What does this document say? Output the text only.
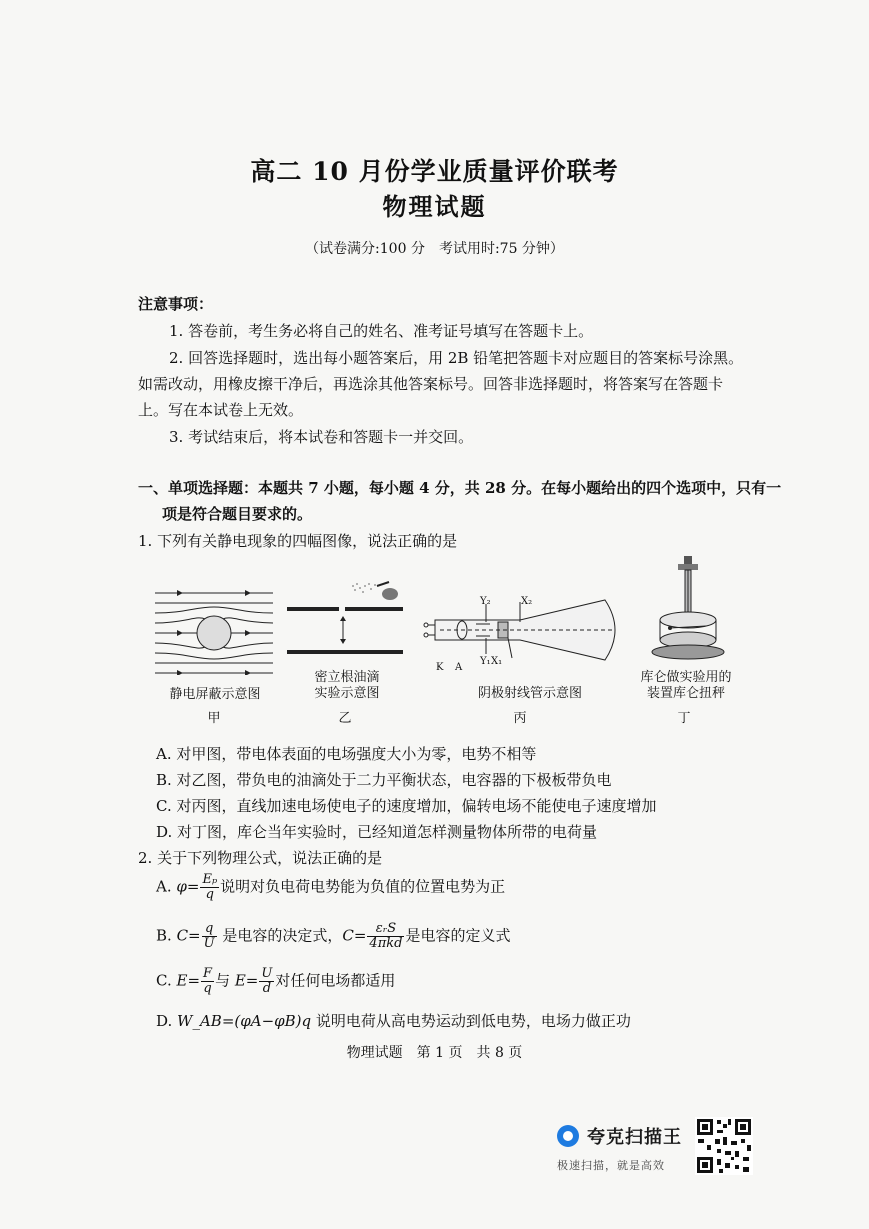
高二 10 月份学业质量评价联考
物理试题
（试卷满分:100 分　考试用时:75 分钟）
注意事项：
1. 答卷前，考生务必将自己的姓名、准考证号填写在答题卡上。
2. 回答选择题时，选出每小题答案后，用 2B 铅笔把答题卡对应题目的答案标号涂黑。
如需改动，用橡皮擦干净后，再选涂其他答案标号。回答非选择题时，将答案写在答题卡
上。写在本试卷上无效。
3. 考试结束后，将本试卷和答题卡一并交回。
一、单项选择题：本题共 7 小题，每小题 4 分，共 28 分。在每小题给出的四个选项中，只有一
项是符合题目要求的。
1. 下列有关静电现象的四幅图像，说法正确的是
静电屏蔽示意图
甲
密立根油滴
实验示意图
乙
K A
Y₂
Y₁
X₂
X₁
阴极射线管示意图
丙
库仑做实验用的
装置库仑扭秤
丁
A. 对甲图，带电体表面的电场强度大小为零，电势不相等
B. 对乙图，带负电的油滴处于二力平衡状态，电容器的下极板带负电
C. 对丙图，直线加速电场使电子的速度增加，偏转电场不能使电子速度增加
D. 对丁图，库仑当年实验时，已经知道怎样测量物体所带的电荷量
2. 关于下列物理公式，说法正确的是
A. $\varphi= \frac{\text{Eₚ}}{q}$ 说明对负电荷电势能为负值的位置电势为正
B. $C= \frac{q}{U}$ 是电容的决定式，$C= \frac{\text{εᵣS}}{\text{4πkd}}$ 是电容的定义式
C. $E= \frac{F}{q}$ 与 $E= \frac{U}{d}$ 对任何电场都适用
D. W_AB=(φA−φB)q 说明电荷从高电势运动到低电势，电场力做正功
物理试题　第 1 页　共 8 页
夸克扫描王
极速扫描，就是高效
